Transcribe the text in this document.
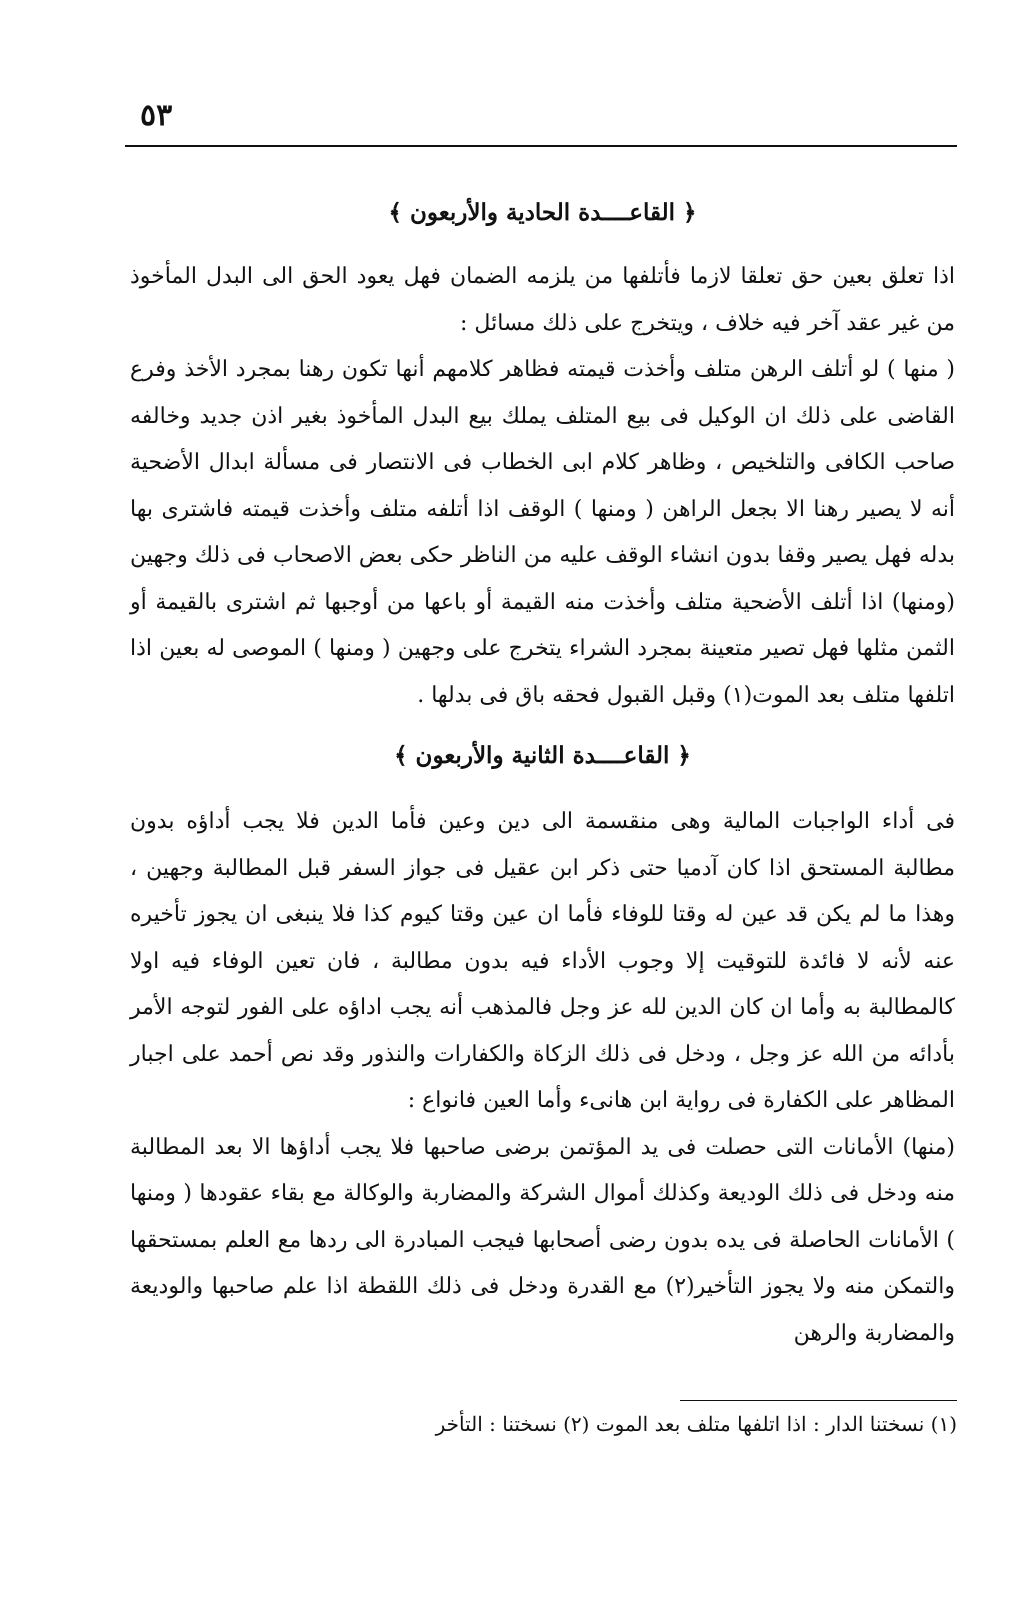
٥٣
﴿ القاعــــدة الحادية والأربعون ﴾

اذا تعلق بعين حق تعلقا لازما فأتلفها من يلزمه الضمان فهل يعود الحق الى البدل المأخوذ من غير عقد آخر فيه خلاف ، ويتخرج على ذلك مسائل :

( منها ) لو أتلف الرهن متلف وأخذت قيمته فظاهر كلامهم أنها تكون رهنا بمجرد الأخذ وفرع القاضى على ذلك ان الوكيل فى بيع المتلف يملك بيع البدل المأخوذ بغير اذن جديد وخالفه صاحب الكافى والتلخيص ، وظاهر كلام ابى الخطاب فى الانتصار فى مسألة ابدال الأضحية أنه لا يصير رهنا الا بجعل الراهن ( ومنها ) الوقف اذا أتلفه متلف وأخذت قيمته فاشترى بها بدله فهل يصير وقفا بدون انشاء الوقف عليه من الناظر حكى بعض الاصحاب فى ذلك وجهين (ومنها) اذا أتلف الأضحية متلف وأخذت منه القيمة أو باعها من أوجبها ثم اشترى بالقيمة أو الثمن مثلها فهل تصير متعينة بمجرد الشراء يتخرج على وجهين ( ومنها ) الموصى له بعين اذا اتلفها متلف بعد الموت(١) وقبل القبول فحقه باق فى بدلها .

﴿ القاعــــدة الثانية والأربعون ﴾

فى أداء الواجبات المالية وهى منقسمة الى دين وعين فأما الدين فلا يجب أداؤه بدون مطالبة المستحق اذا كان آدميا حتى ذكر ابن عقيل فى جواز السفر قبل المطالبة وجهين ، وهذا ما لم يكن قد عين له وقتا للوفاء فأما ان عين وقتا كيوم كذا فلا ينبغى ان يجوز تأخيره عنه لأنه لا فائدة للتوقيت إلا وجوب الأداء فيه بدون مطالبة ، فان تعين الوفاء فيه اولا كالمطالبة به وأما ان كان الدين لله عز وجل فالمذهب أنه يجب اداؤه على الفور لتوجه الأمر بأدائه من الله عز وجل ، ودخل فى ذلك الزكاة والكفارات والنذور وقد نص أحمد على اجبار المظاهر على الكفارة فى رواية ابن هانىء وأما العين فانواع :

(منها) الأمانات التى حصلت فى يد المؤتمن برضى صاحبها فلا يجب أداؤها الا بعد المطالبة منه ودخل فى ذلك الوديعة وكذلك أموال الشركة والمضاربة والوكالة مع بقاء عقودها ( ومنها ) الأمانات الحاصلة فى يده بدون رضى أصحابها فيجب المبادرة الى ردها مع العلم بمستحقها والتمكن منه ولا يجوز التأخير(٢) مع القدرة ودخل فى ذلك اللقطة اذا علم صاحبها والوديعة والمضاربة والرهن

(١) نسختنا الدار : اذا اتلفها متلف بعد الموت (٢) نسختنا : التأخر
